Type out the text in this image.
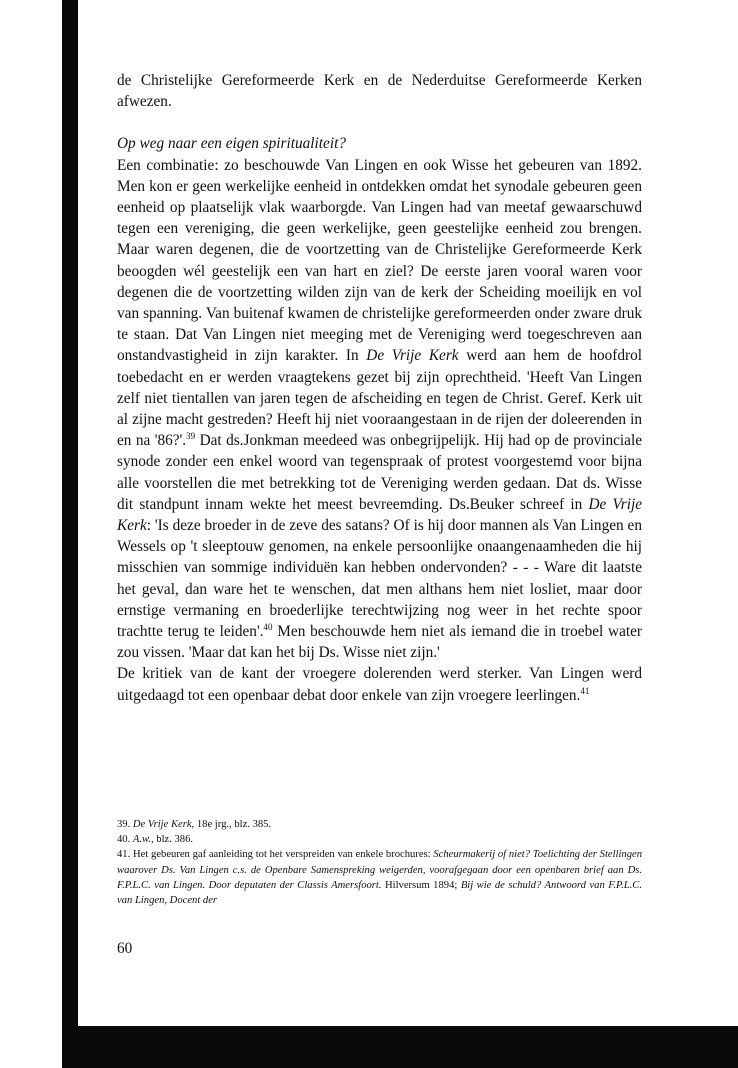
de Christelijke Gereformeerde Kerk en de Nederduitse Gereformeerde Kerken afwezen.

Op weg naar een eigen spiritualiteit?

Een combinatie: zo beschouwde Van Lingen en ook Wisse het gebeuren van 1892. Men kon er geen werkelijke eenheid in ontdekken omdat het synodale gebeuren geen eenheid op plaatselijk vlak waarborgde. Van Lingen had van meetaf gewaarschuwd tegen een vereniging, die geen werkelijke, geen geestelijke eenheid zou brengen. Maar waren degenen, die de voortzetting van de Christelijke Gereformeerde Kerk beoogden wél geestelijk een van hart en ziel? De eerste jaren vooral waren voor degenen die de voortzetting wilden zijn van de kerk der Scheiding moeilijk en vol van spanning. Van buitenaf kwamen de christelijke gereformeerden onder zware druk te staan. Dat Van Lingen niet meeging met de Vereniging werd toegeschreven aan onstandvastigheid in zijn karakter. In De Vrije Kerk werd aan hem de hoofdrol toebedacht en er werden vraagtekens gezet bij zijn oprechtheid. 'Heeft Van Lingen zelf niet tientallen van jaren tegen de afscheiding en tegen de Christ. Geref. Kerk uit al zijne macht gestreden? Heeft hij niet vooraangestaan in de rijen der doleerenden in en na '86?'.$^{39}$ Dat ds.Jonkman meedeed was onbegrijpelijk. Hij had op de provinciale synode zonder een enkel woord van tegenspraak of protest voorgestemd voor bijna alle voorstellen die met betrekking tot de Vereniging werden gedaan. Dat ds. Wisse dit standpunt innam wekte het meest bevreemding. Ds.Beuker schreef in De Vrije Kerk: 'Is deze broeder in de zeve des satans? Of is hij door mannen als Van Lingen en Wessels op 't sleeptouw genomen, na enkele persoonlijke onaangenaamheden die hij misschien van sommige individuën kan hebben ondervonden? - - - Ware dit laatste het geval, dan ware het te wenschen, dat men althans hem niet losliet, maar door ernstige vermaning en broederlijke terechtwijzing nog weer in het rechte spoor trachtte terug te leiden'.$^{40}$ Men beschouwde hem niet als iemand die in troebel water zou vissen. 'Maar dat kan het bij Ds. Wisse niet zijn.'

De kritiek van de kant der vroegere dolerenden werd sterker. Van Lingen werd uitgedaagd tot een openbaar debat door enkele van zijn vroegere leerlingen.$^{41}$

39. De Vrije Kerk, 18e jrg., blz. 385.

40. A.w., blz. 386.

41. Het gebeuren gaf aanleiding tot het verspreiden van enkele brochures: Scheurmakerij of niet? Toelichting der Stellingen waarover Ds. Van Lingen c.s. de Openbare Samenspreking weigerden, voorafgegaan door een openbaren brief aan Ds. F.P.L.C. van Lingen. Door deputaten der Classis Amersfoort. Hilversum 1894; Bij wie de schuld? Antwoord van F.P.L.C. van Lingen, Docent der

60
